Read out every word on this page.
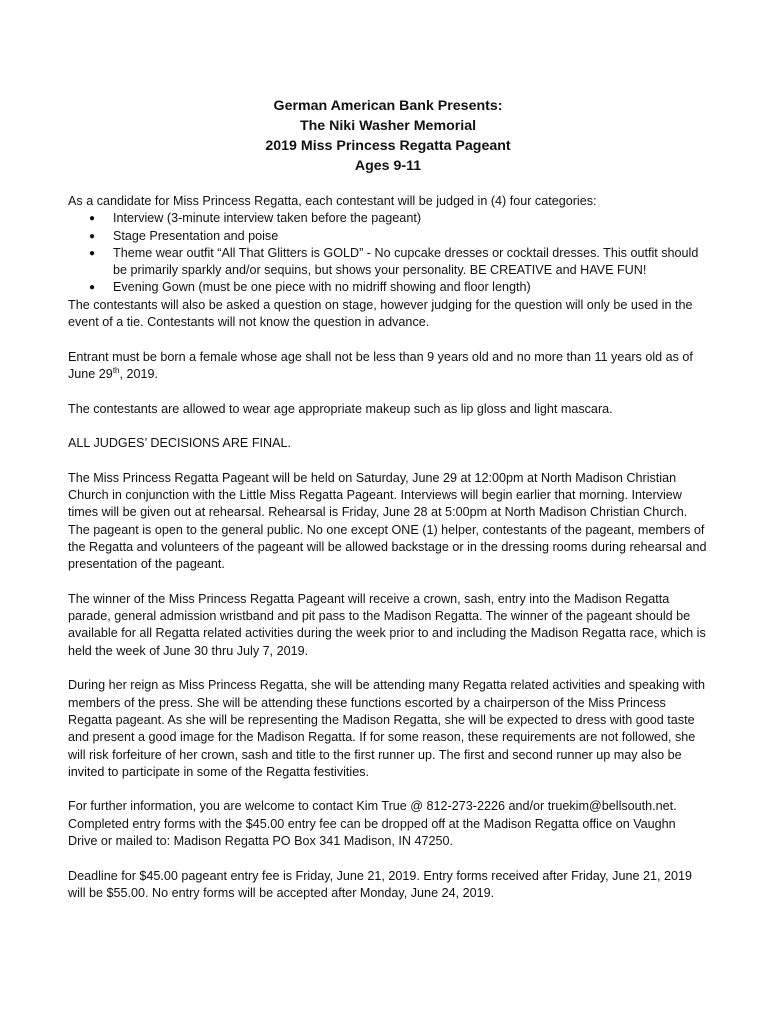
German American Bank Presents:
The Niki Washer Memorial
2019 Miss Princess Regatta Pageant
Ages 9-11

As a candidate for Miss Princess Regatta, each contestant will be judged in (4) four categories:

● Interview (3-minute interview taken before the pageant)
● Stage Presentation and poise
● Theme wear outfit “All That Glitters is GOLD” - No cupcake dresses or cocktail dresses. This outfit should be primarily sparkly and/or sequins, but shows your personality. BE CREATIVE and HAVE FUN!
● Evening Gown (must be one piece with no midriff showing and floor length)

The contestants will also be asked a question on stage, however judging for the question will only be used in the event of a tie. Contestants will not know the question in advance.

Entrant must be born a female whose age shall not be less than 9 years old and no more than 11 years old as of June 29th, 2019.

The contestants are allowed to wear age appropriate makeup such as lip gloss and light mascara.

ALL JUDGES’ DECISIONS ARE FINAL.

The Miss Princess Regatta Pageant will be held on Saturday, June 29 at 12:00pm at North Madison Christian Church in conjunction with the Little Miss Regatta Pageant. Interviews will begin earlier that morning. Interview times will be given out at rehearsal. Rehearsal is Friday, June 28 at 5:00pm at North Madison Christian Church. The pageant is open to the general public. No one except ONE (1) helper, contestants of the pageant, members of the Regatta and volunteers of the pageant will be allowed backstage or in the dressing rooms during rehearsal and presentation of the pageant.

The winner of the Miss Princess Regatta Pageant will receive a crown, sash, entry into the Madison Regatta parade, general admission wristband and pit pass to the Madison Regatta. The winner of the pageant should be available for all Regatta related activities during the week prior to and including the Madison Regatta race, which is held the week of June 30 thru July 7, 2019.

During her reign as Miss Princess Regatta, she will be attending many Regatta related activities and speaking with members of the press. She will be attending these functions escorted by a chairperson of the Miss Princess Regatta pageant. As she will be representing the Madison Regatta, she will be expected to dress with good taste and present a good image for the Madison Regatta. If for some reason, these requirements are not followed, she will risk forfeiture of her crown, sash and title to the first runner up. The first and second runner up may also be invited to participate in some of the Regatta festivities.

For further information, you are welcome to contact Kim True @ 812-273-2226 and/or truekim@bellsouth.net. Completed entry forms with the $45.00 entry fee can be dropped off at the Madison Regatta office on Vaughn Drive or mailed to: Madison Regatta PO Box 341 Madison, IN 47250.

Deadline for $45.00 pageant entry fee is Friday, June 21, 2019. Entry forms received after Friday, June 21, 2019 will be $55.00. No entry forms will be accepted after Monday, June 24, 2019.
